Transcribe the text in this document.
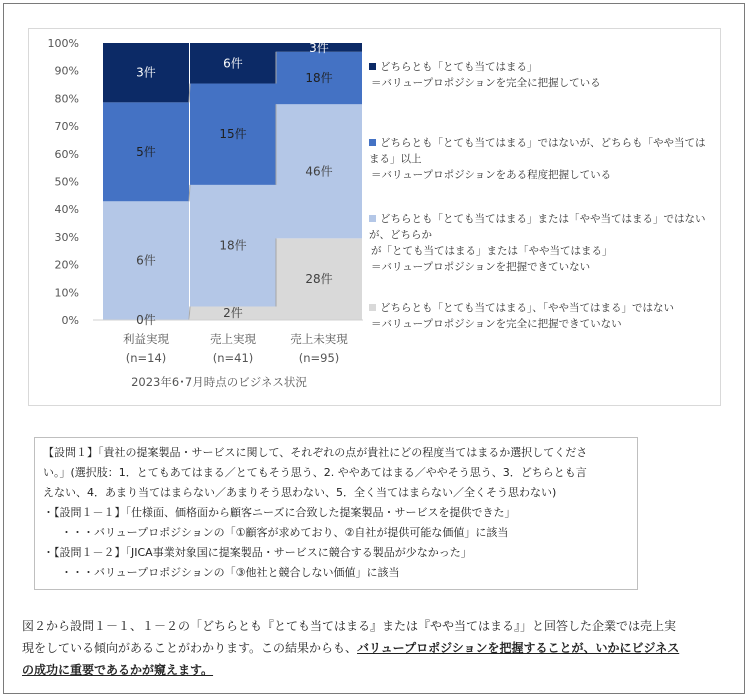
0%
10%
20%
30%
40%
50%
60%
70%
80%
90%
100%
0件
6件
5件
3件
2件
18件
15件
6件
28件
46件
18件
3件
利益実現
(n=14)
売上実現
(n=41)
売上未実現
(n=95)
2023年6･7月時点のビジネス状況
どちらとも「とても当てはまる」
＝バリュープロポジションを完全に把握している
どちらとも「とても当てはまる」ではないが、どちらも「やや当てはまる」以上
＝バリュープロポジションをある程度把握している
どちらとも「とても当てはまる」または「やや当てはまる」ではないが、どちらか
が「とても当てはまる」または「やや当てはまる」
＝バリュープロポジションを把握できていない
どちらとも「とても当てはまる」、「やや当てはまる」ではない
＝バリュープロポジションを完全に把握できていない
【設問１】「貴社の提案製品・サービスに関して、それぞれの点が貴社にどの程度当てはまるか選択してくださ
い。」(選択肢：1．とてもあてはまる／とてもそう思う、2. ややあてはまる／ややそう思う、3．どちらとも言
えない、4．あまり当てはまらない／あまりそう思わない、5．全く当てはまらない／全くそう思わない)
・【設問１－１】「仕様面、価格面から顧客ニーズに合致した提案製品・サービスを提供できた」
・・・バリュープロポジションの「①顧客が求めており、②自社が提供可能な価値」に該当
・【設問１－２】「JICA事業対象国に提案製品・サービスに競合する製品が少なかった」
・・・バリュープロポジションの「③他社と競合しない価値」に該当
図２から設問１－１、１－２の「どちらとも『とても当てはまる』または『やや当てはまる』」と回答した企業では売上実
現をしている傾向があることがわかります。この結果からも、バリュープロポジションを把握することが、いかにビジネス
の成功に重要であるかが窺えます。
